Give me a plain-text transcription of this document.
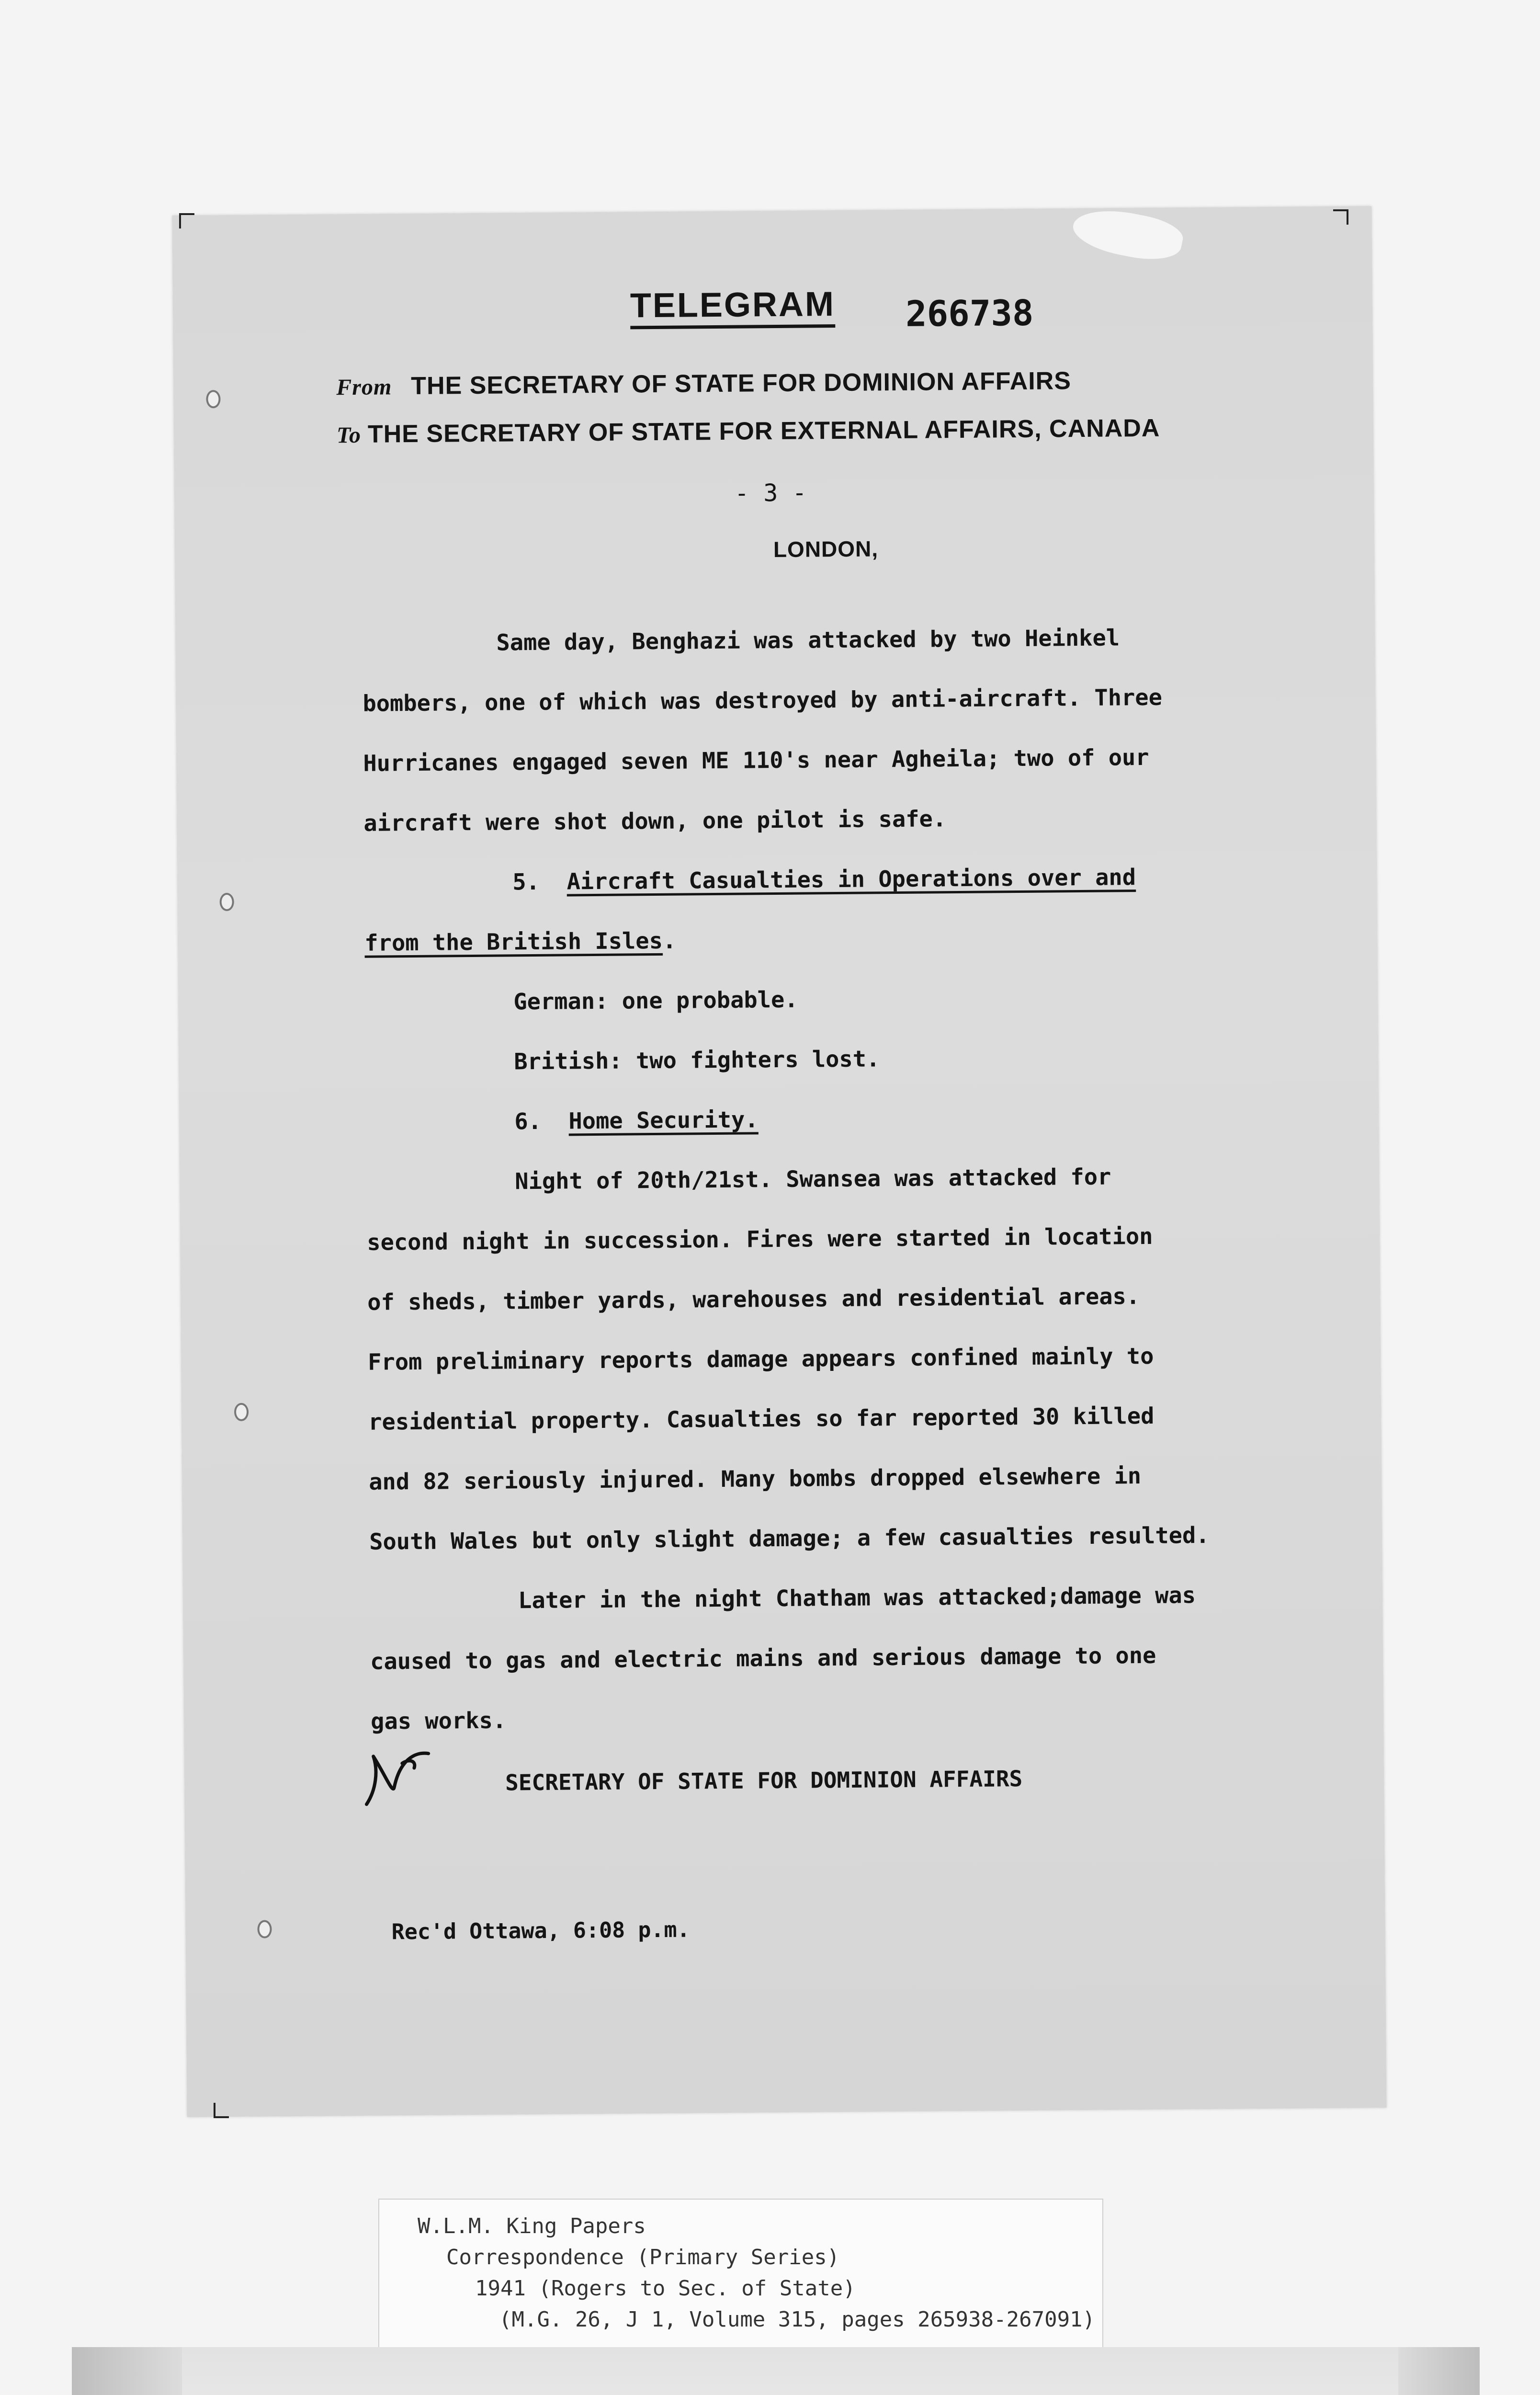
TELEGRAM 266738
From THE SECRETARY OF STATE FOR DOMINION AFFAIRS
To THE SECRETARY OF STATE FOR EXTERNAL AFFAIRS, CANADA
- 3 -
LONDON,
Same day, Benghazi was attacked by two Heinkel
bombers, one of which was destroyed by anti-aircraft. Three
Hurricanes engaged seven ME 110's near Agheila; two of our
aircraft were shot down, one pilot is safe.
5. Aircraft Casualties in Operations over and
from the British Isles.
German: one probable.
British: two fighters lost.
6. Home Security.
Night of 20th/21st. Swansea was attacked for
second night in succession. Fires were started in location
of sheds, timber yards, warehouses and residential areas.
From preliminary reports damage appears confined mainly to
residential property. Casualties so far reported 30 killed
and 82 seriously injured. Many bombs dropped elsewhere in
South Wales but only slight damage; a few casualties resulted.
Later in the night Chatham was attacked;damage was
caused to gas and electric mains and serious damage to one
gas works.
SECRETARY OF STATE FOR DOMINION AFFAIRS
Rec'd Ottawa, 6:08 p.m.
W.L.M. King Papers
Correspondence (Primary Series)
1941 (Rogers to Sec. of State)
(M.G. 26, J 1, Volume 315, pages 265938-267091)
